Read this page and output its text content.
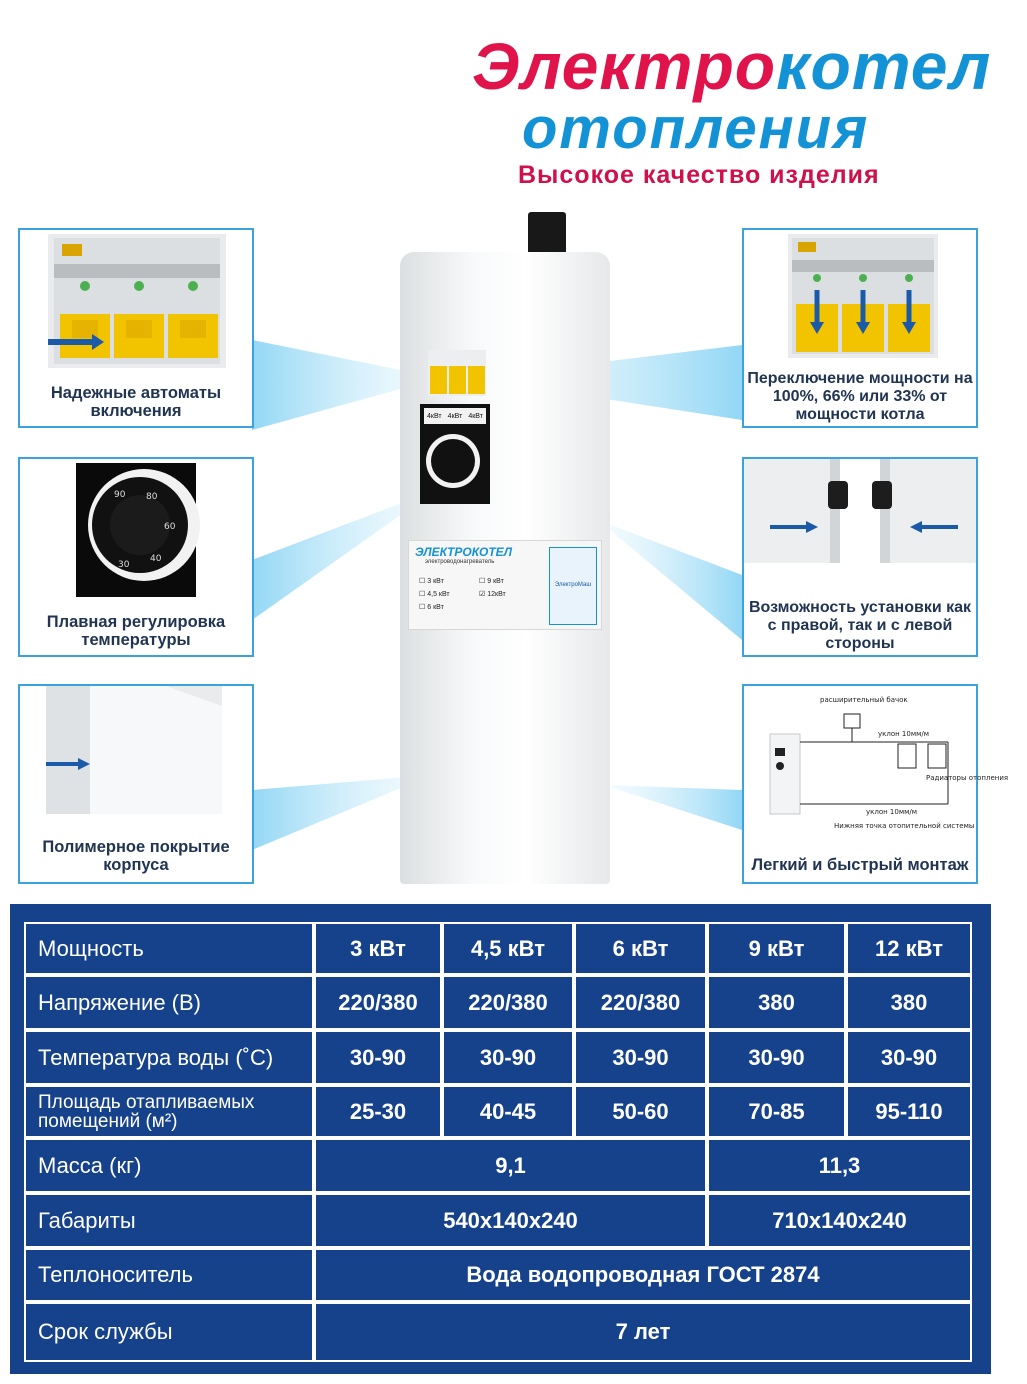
Электрокотел
отопления
Высокое качество изделия
Надежные автоматы включения
90 80
60
40
30
Плавная регулировка температуры
Полимерное покрытие корпуса
Переключение мощности на 100%, 66% или 33% от мощности котла
Возможность установки как с правой, так и с левой стороны
расширительный бачок
уклон 10мм/м
Радиаторы отопления
уклон 10мм/м
Нижняя точка отопительной системы
Легкий и быстрый монтаж
4кВт 4кВт 4кВт
ЭЛЕКТРОКОТЕЛ
электроводонагреватель
☐ 3 кВт
☐ 4,5 кВт
☐ 6 кВт
☐ 9 кВт
☑ 12кВт
ЭлектроМаш
Мощность	3 кВт	4,5 кВт	6 кВт	9 кВт	12 кВт
Напряжение (В)	220/380	220/380	220/380	380	380
Температура воды (˚С)	30-90	30-90	30-90	30-90	30-90
Площадь отапливаемых помещений (м²)	25-30	40-45	50-60	70-85	95-110
Масса (кг)	9,1	11,3
Габариты	540х140х240	710х140х240
Теплоноситель	Вода водопроводная ГОСТ 2874
Срок службы	7 лет
